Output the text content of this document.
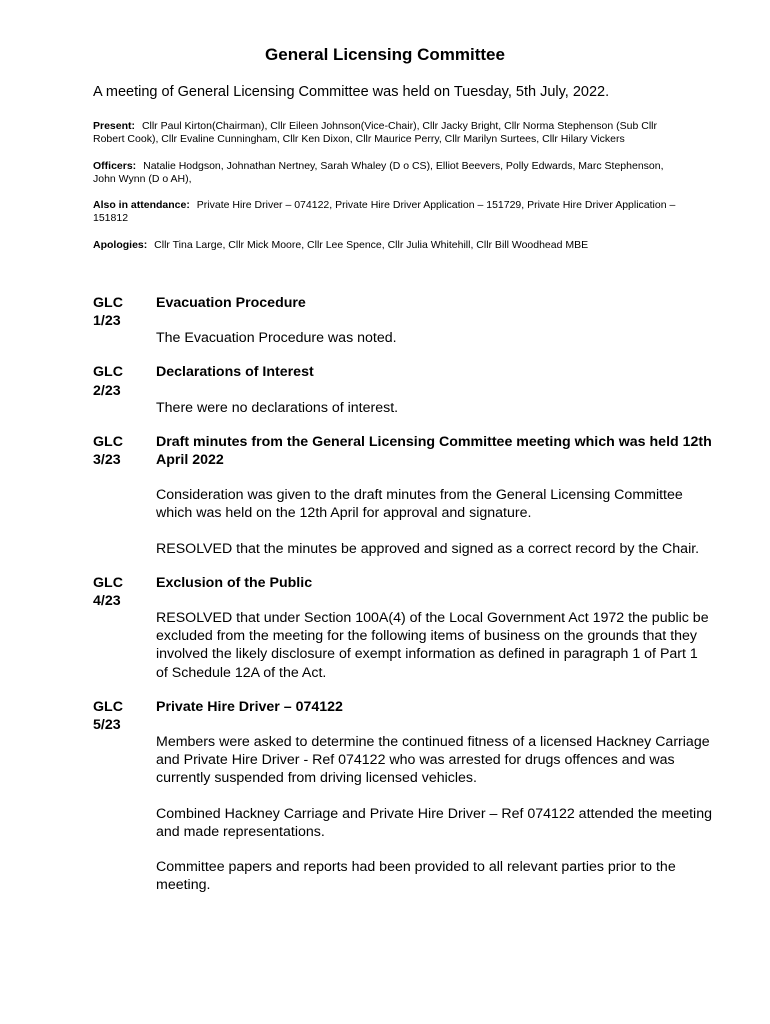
General Licensing Committee

A meeting of General Licensing Committee was held on Tuesday, 5th July, 2022.

Present: Cllr Paul Kirton(Chairman), Cllr Eileen Johnson(Vice-Chair), Cllr Jacky Bright, Cllr Norma Stephenson (Sub Cllr Robert Cook), Cllr Evaline Cunningham, Cllr Ken Dixon, Cllr Maurice Perry, Cllr Marilyn Surtees, Cllr Hilary Vickers

Officers: Natalie Hodgson, Johnathan Nertney, Sarah Whaley (D o CS), Elliot Beevers, Polly Edwards, Marc Stephenson, John Wynn (D o AH),

Also in attendance: Private Hire Driver – 074122, Private Hire Driver Application – 151729, Private Hire Driver Application – 151812

Apologies: Cllr Tina Large, Cllr Mick Moore, Cllr Lee Spence, Cllr Julia Whitehill, Cllr Bill Woodhead MBE

GLC
1/23
Evacuation Procedure

The Evacuation Procedure was noted.

GLC
2/23
Declarations of Interest

There were no declarations of interest.

GLC
3/23
Draft minutes from the General Licensing Committee meeting which was held 12th April 2022

Consideration was given to the draft minutes from the General Licensing Committee which was held on the 12th April for approval and signature.

RESOLVED that the minutes be approved and signed as a correct record by the Chair.

GLC
4/23
Exclusion of the Public

RESOLVED that under Section 100A(4) of the Local Government Act 1972 the public be excluded from the meeting for the following items of business on the grounds that they involved the likely disclosure of exempt information as defined in paragraph 1 of Part 1 of Schedule 12A of the Act.

GLC
5/23
Private Hire Driver – 074122

Members were asked to determine the continued fitness of a licensed Hackney Carriage and Private Hire Driver - Ref 074122 who was arrested for drugs offences and was currently suspended from driving licensed vehicles.

Combined Hackney Carriage and Private Hire Driver – Ref 074122 attended the meeting and made representations.

Committee papers and reports had been provided to all relevant parties prior to the meeting.
